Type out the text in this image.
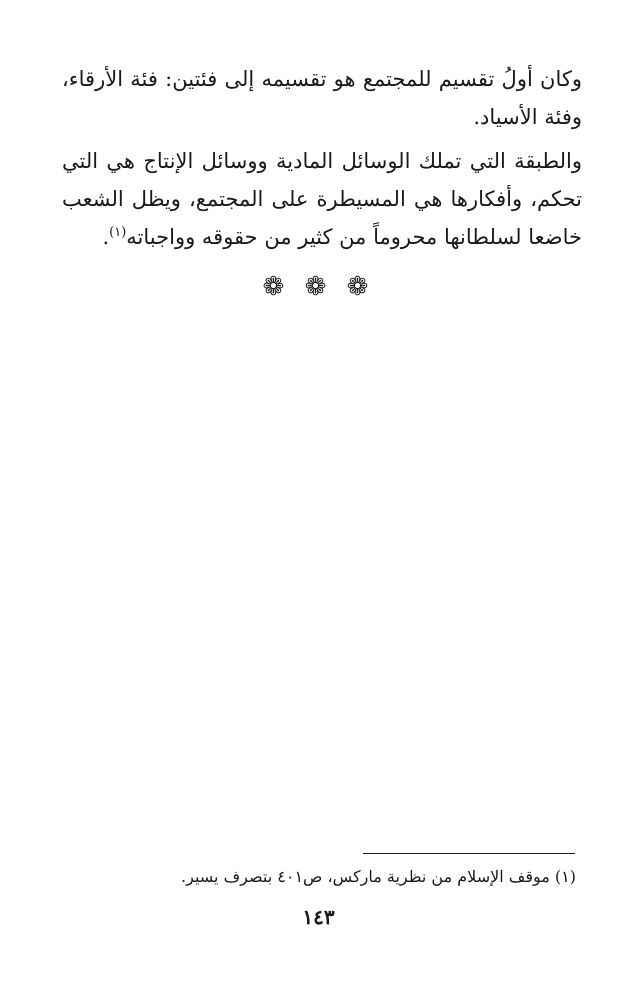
وكان أولُ تقسيم للمجتمع هو تقسيمه إلى فئتين: فئة الأرقاء، وفئة الأسياد.

والطبقة التي تملك الوسائل المادية ووسائل الإنتاج هي التي تحكم، وأفكارها هي المسيطرة على المجتمع، ويظل الشعب خاضعا لسلطانها محروماً من كثير من حقوقه وواجباته$^{(١)}$.

❁ ❁ ❁

(١) موقف الإسلام من نظرية ماركس، ص٤٠١ بتصرف يسير.

١٤٣
